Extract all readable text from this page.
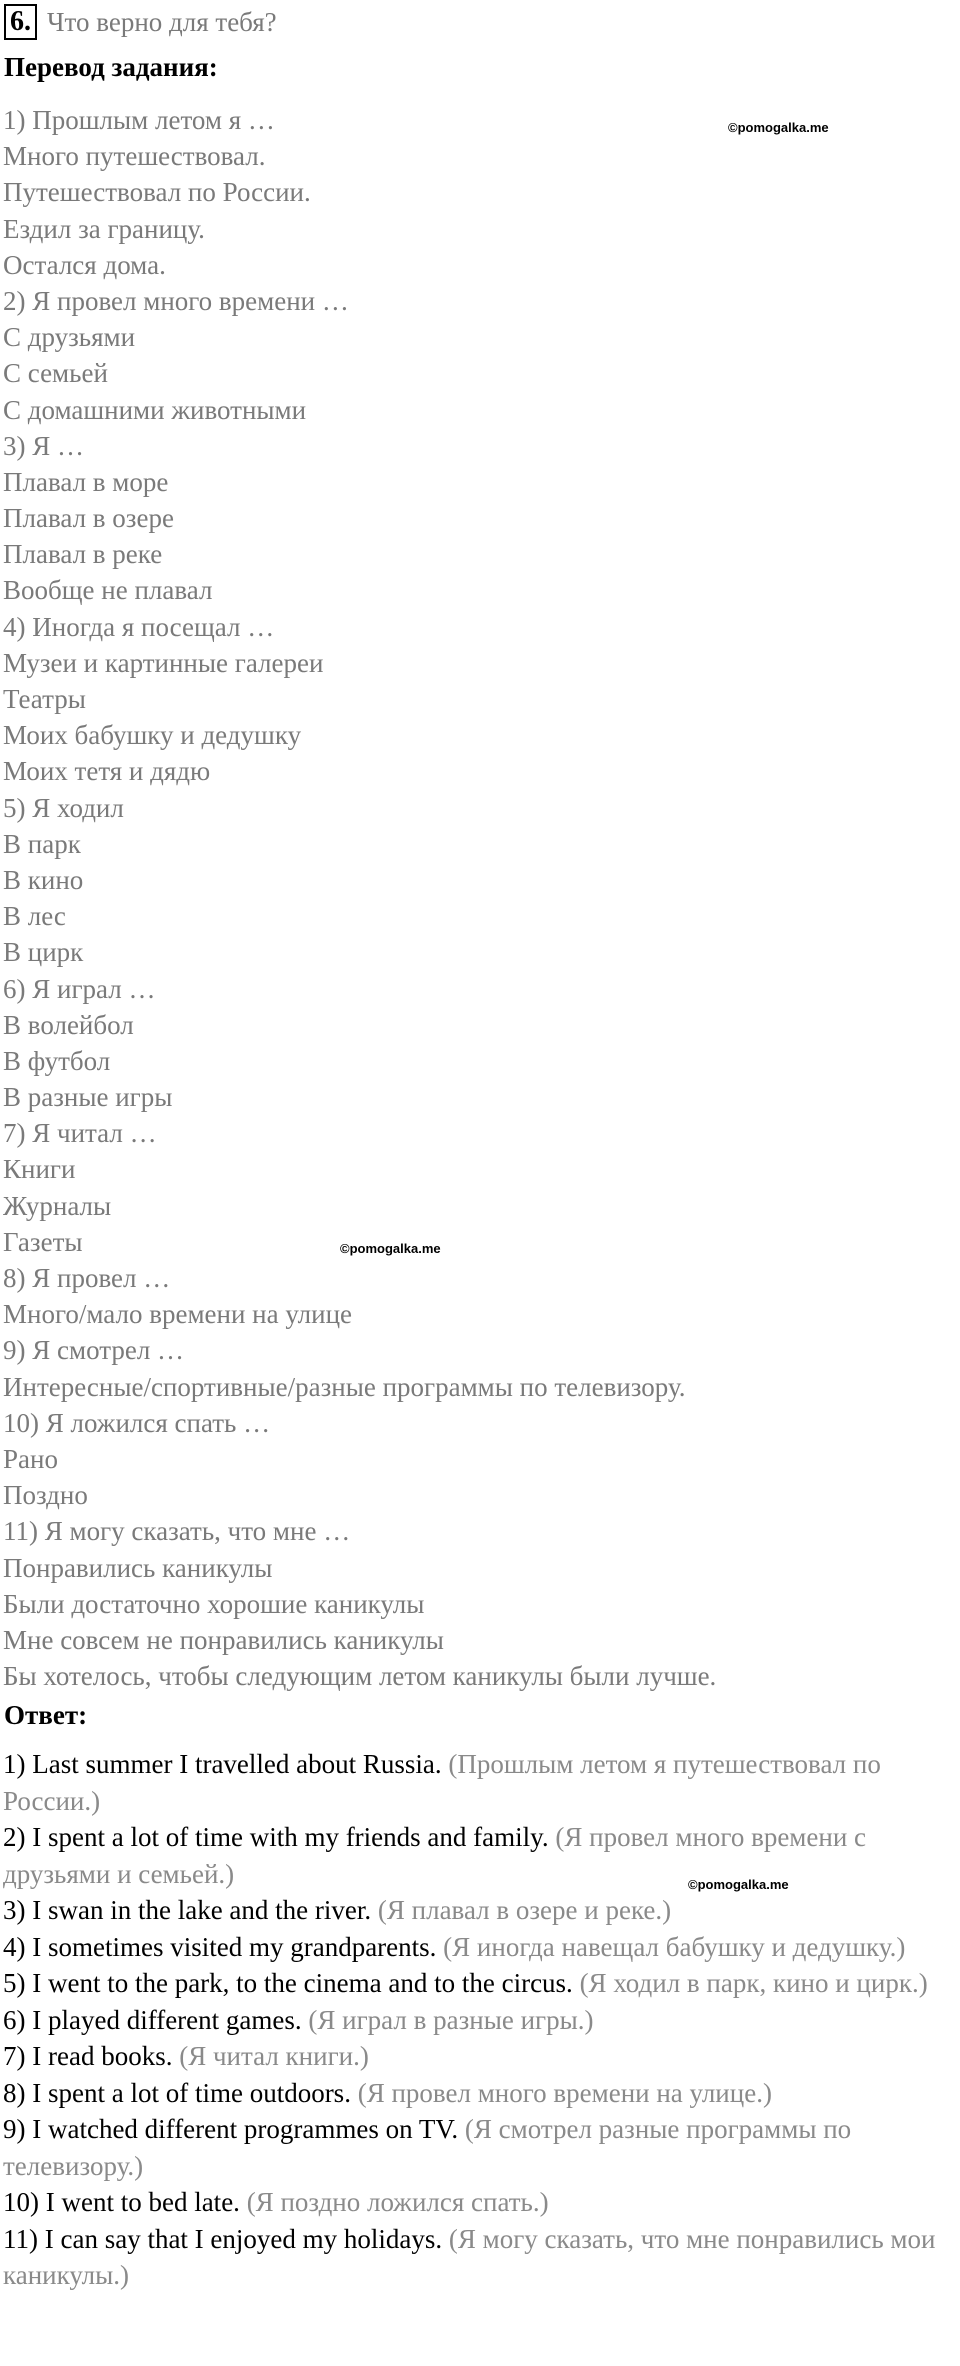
6. Что верно для тебя?
Перевод задания:
1) Прошлым летом я …
Много путешествовал.
Путешествовал по России.
Ездил за границу.
Остался дома.
2) Я провел много времени …
С друзьями
С семьей
С домашними животными
3) Я …
Плавал в море
Плавал в озере
Плавал в реке
Вообще не плавал
4) Иногда я посещал …
Музеи и картинные галереи
Театры
Моих бабушку и дедушку
Моих тетя и дядю
5) Я ходил
В парк
В кино
В лес
В цирк
6) Я играл …
В волейбол
В футбол
В разные игры
7) Я читал …
Книги
Журналы
Газеты
8) Я провел …
Много/мало времени на улице
9) Я смотрел …
Интересные/спортивные/разные программы по телевизору.
10) Я ложился спать …
Рано
Поздно
11) Я могу сказать, что мне …
Понравились каникулы
Были достаточно хорошие каникулы
Мне совсем не понравились каникулы
Бы хотелось, чтобы следующим летом каникулы были лучше.
Ответ:
1) Last summer I travelled about Russia. (Прошлым летом я путешествовал по России.)
2) I spent a lot of time with my friends and family. (Я провел много времени с друзьями и семьей.)
3) I swan in the lake and the river. (Я плавал в озере и реке.)
4) I sometimes visited my grandparents. (Я иногда навещал бабушку и дедушку.)
5) I went to the park, to the cinema and to the circus. (Я ходил в парк, кино и цирк.)
6) I played different games. (Я играл в разные игры.)
7) I read books. (Я читал книги.)
8) I spent a lot of time outdoors. (Я провел много времени на улице.)
9) I watched different programmes on TV. (Я смотрел разные программы по телевизору.)
10) I went to bed late. (Я поздно ложился спать.)
11) I can say that I enjoyed my holidays. (Я могу сказать, что мне понравились мои каникулы.)
©pomogalka.me
©pomogalka.me
©pomogalka.me
